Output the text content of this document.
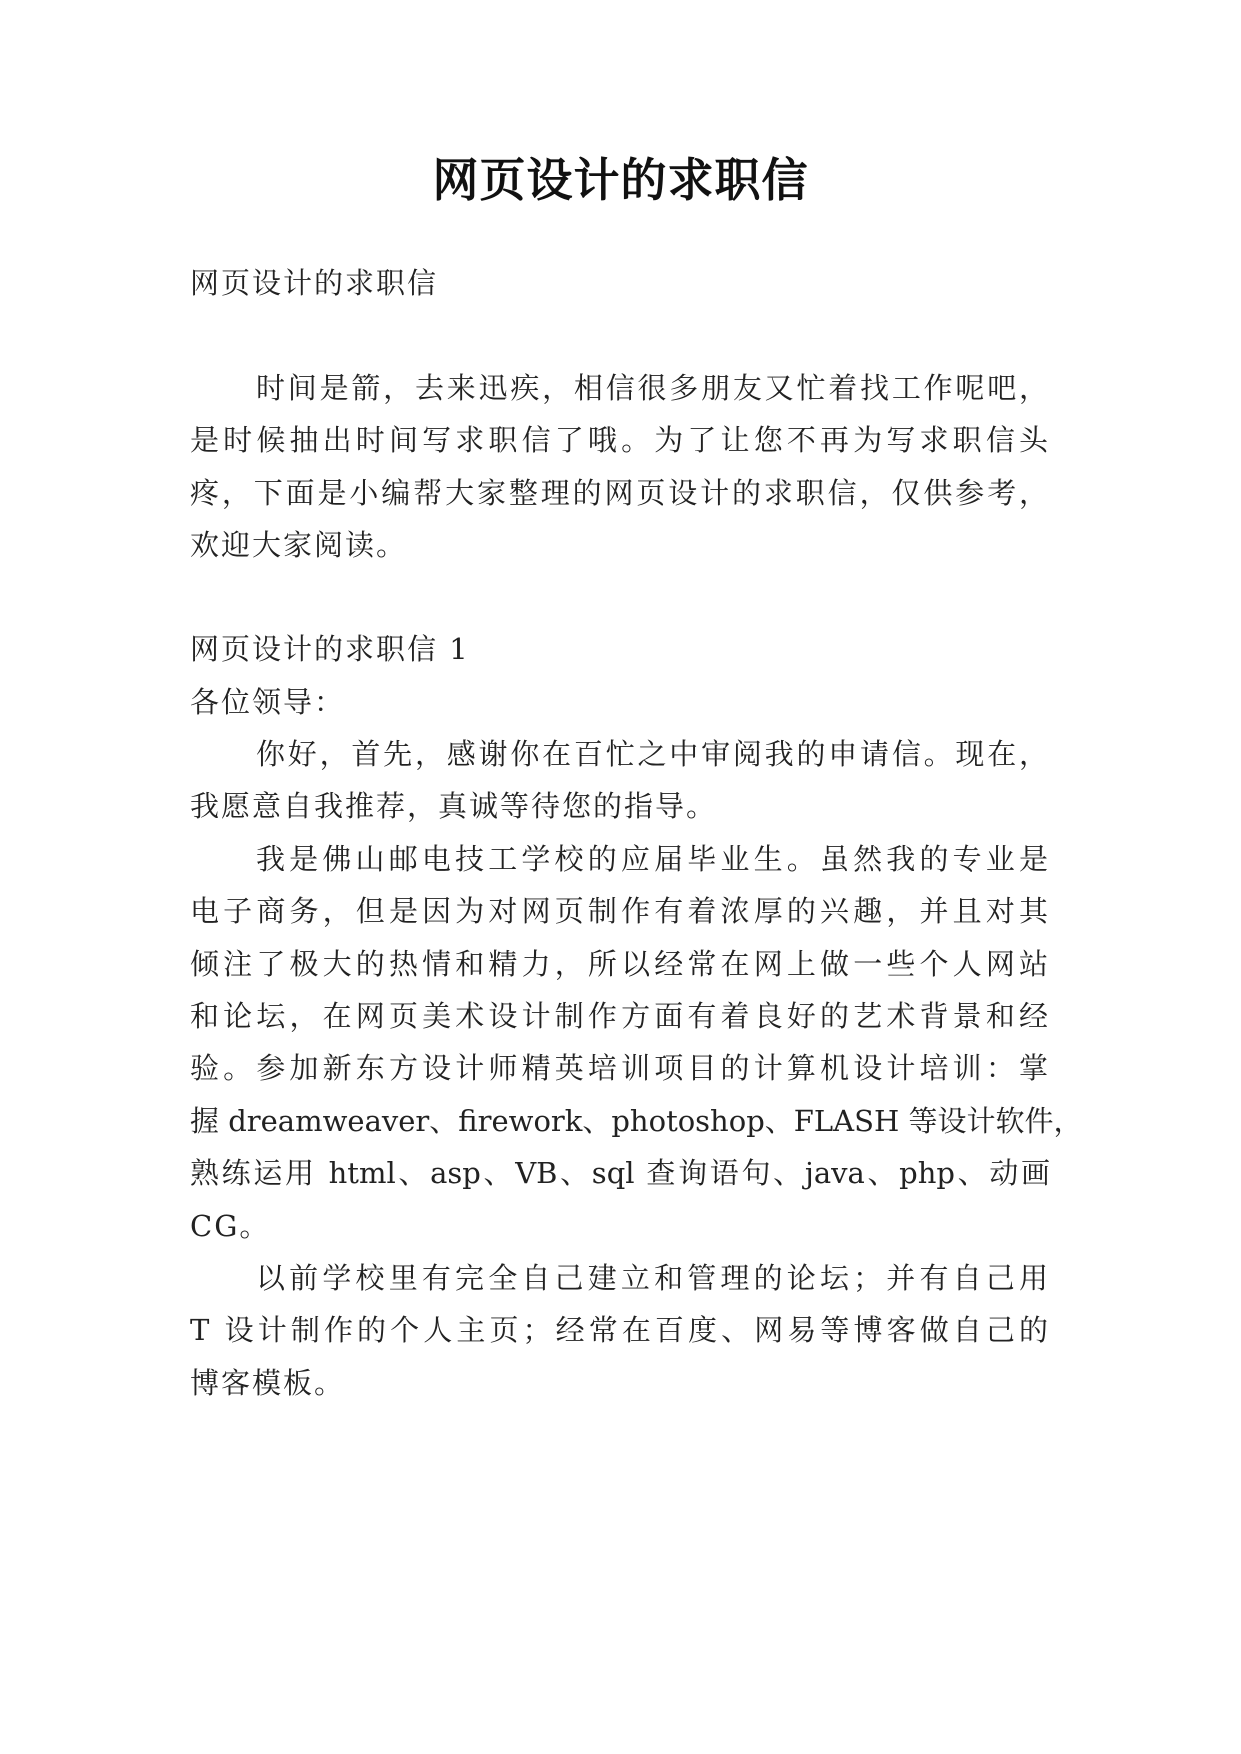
网页设计的求职信
网页设计的求职信
时间是箭，去来迅疾，相信很多朋友又忙着找工作呢吧，
是时候抽出时间写求职信了哦。为了让您不再为写求职信头
疼，下面是小编帮大家整理的网页设计的求职信，仅供参考，
欢迎大家阅读。
网页设计的求职信 1
各位领导：
你好，首先，感谢你在百忙之中审阅我的申请信。现在，
我愿意自我推荐，真诚等待您的指导。
我是佛山邮电技工学校的应届毕业生。虽然我的专业是
电子商务，但是因为对网页制作有着浓厚的兴趣，并且对其
倾注了极大的热情和精力，所以经常在网上做一些个人网站
和论坛，在网页美术设计制作方面有着良好的艺术背景和经
验。参加新东方设计师精英培训项目的计算机设计培训：掌
握 dreamweaver、firework、photoshop、FLASH 等设计软件，
熟练运用 html、asp、VB、sql 查询语句、java、php、动画
CG。
以前学校里有完全自己建立和管理的论坛；并有自己用
T 设计制作的个人主页；经常在百度、网易等博客做自己的
博客模板。
